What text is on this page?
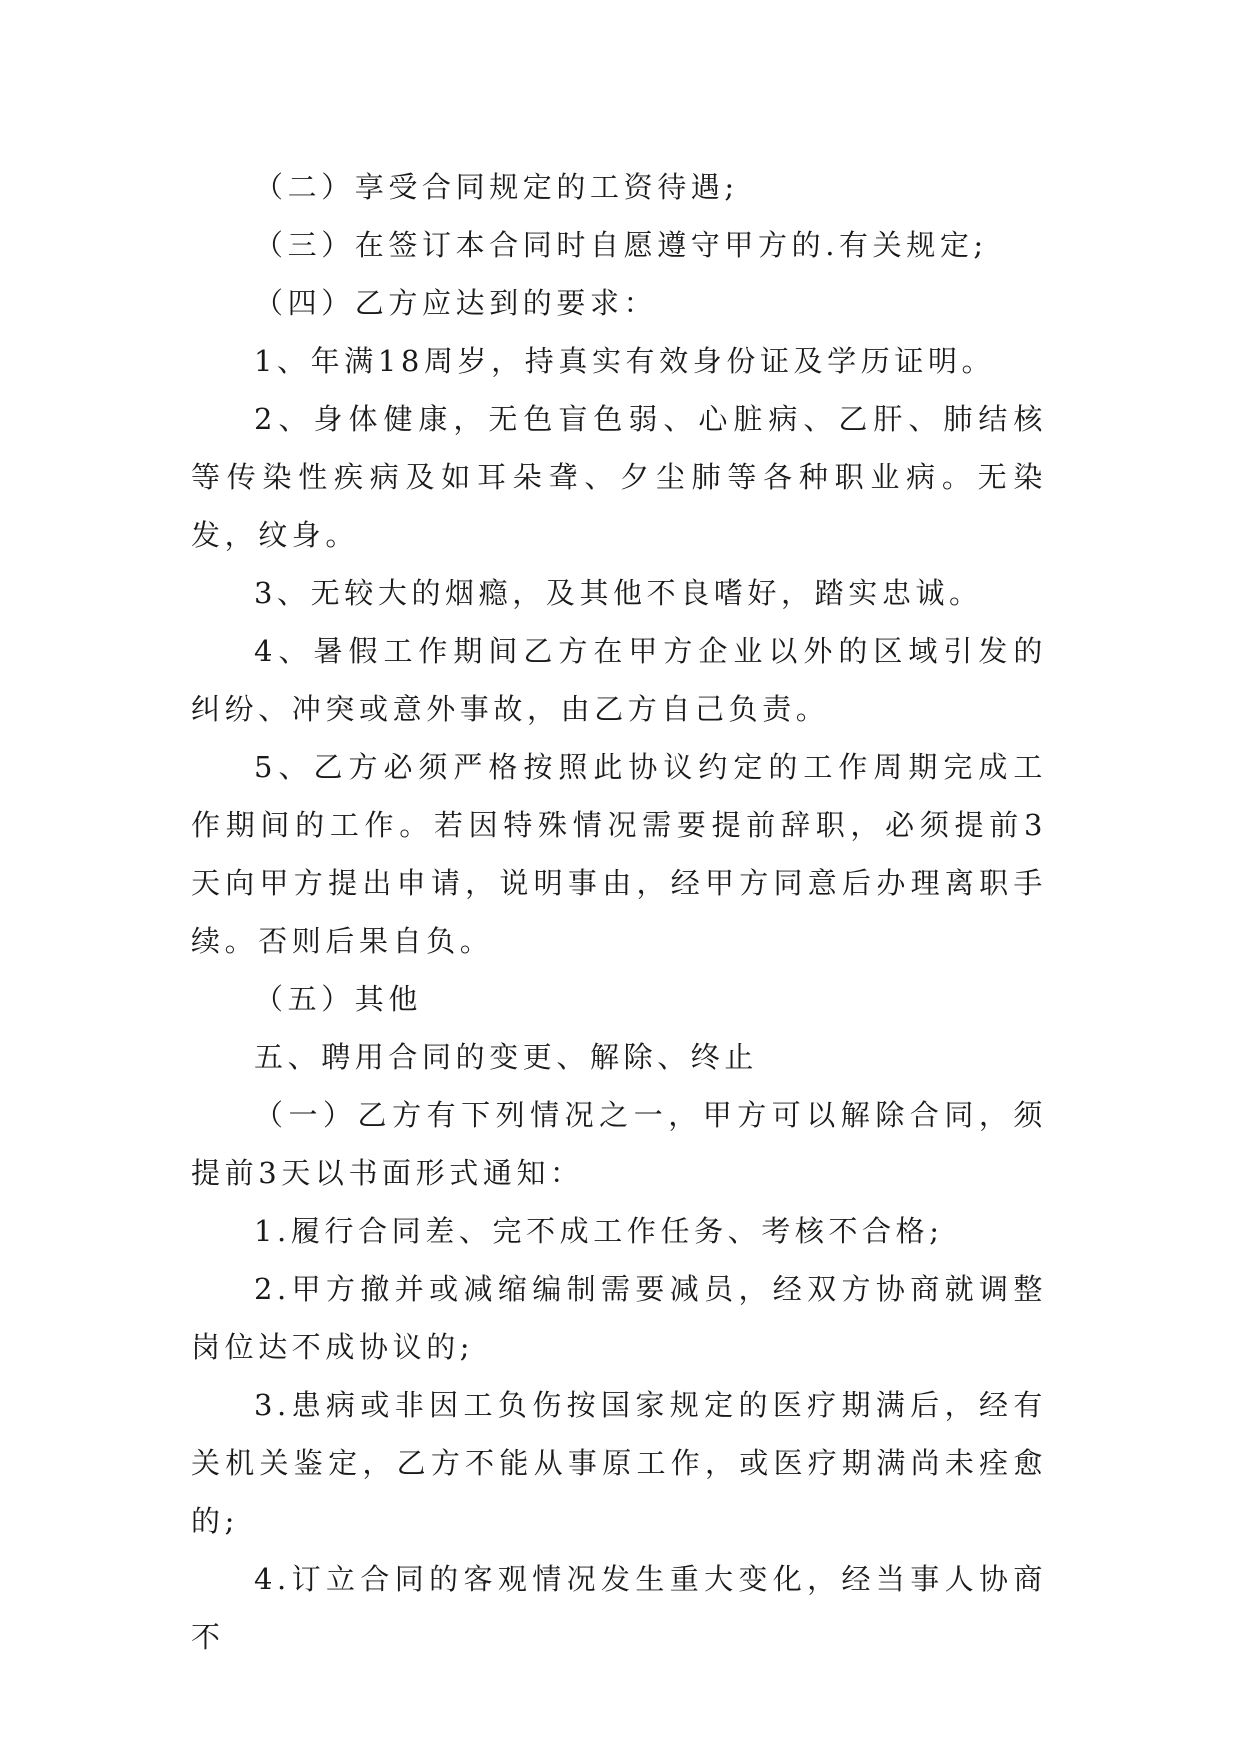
（二）享受合同规定的工资待遇;

（三）在签订本合同时自愿遵守甲方的.有关规定;

（四）乙方应达到的要求：

1、年满18周岁，持真实有效身份证及学历证明。

2、身体健康，无色盲色弱、心脏病、乙肝、肺结核等传染性疾病及如耳朵聋、夕尘肺等各种职业病。无染发，纹身。

3、无较大的烟瘾，及其他不良嗜好，踏实忠诚。

4、暑假工作期间乙方在甲方企业以外的区域引发的纠纷、冲突或意外事故，由乙方自己负责。

5、乙方必须严格按照此协议约定的工作周期完成工作期间的工作。若因特殊情况需要提前辞职，必须提前3天向甲方提出申请，说明事由，经甲方同意后办理离职手续。否则后果自负。

（五）其他

五、聘用合同的变更、解除、终止

（一）乙方有下列情况之一，甲方可以解除合同，须提前3天以书面形式通知：

1.履行合同差、完不成工作任务、考核不合格;

2.甲方撤并或减缩编制需要减员，经双方协商就调整岗位达不成协议的;

3.患病或非因工负伤按国家规定的医疗期满后，经有关机关鉴定，乙方不能从事原工作，或医疗期满尚未痊愈的;

4.订立合同的客观情况发生重大变化，经当事人协商不
